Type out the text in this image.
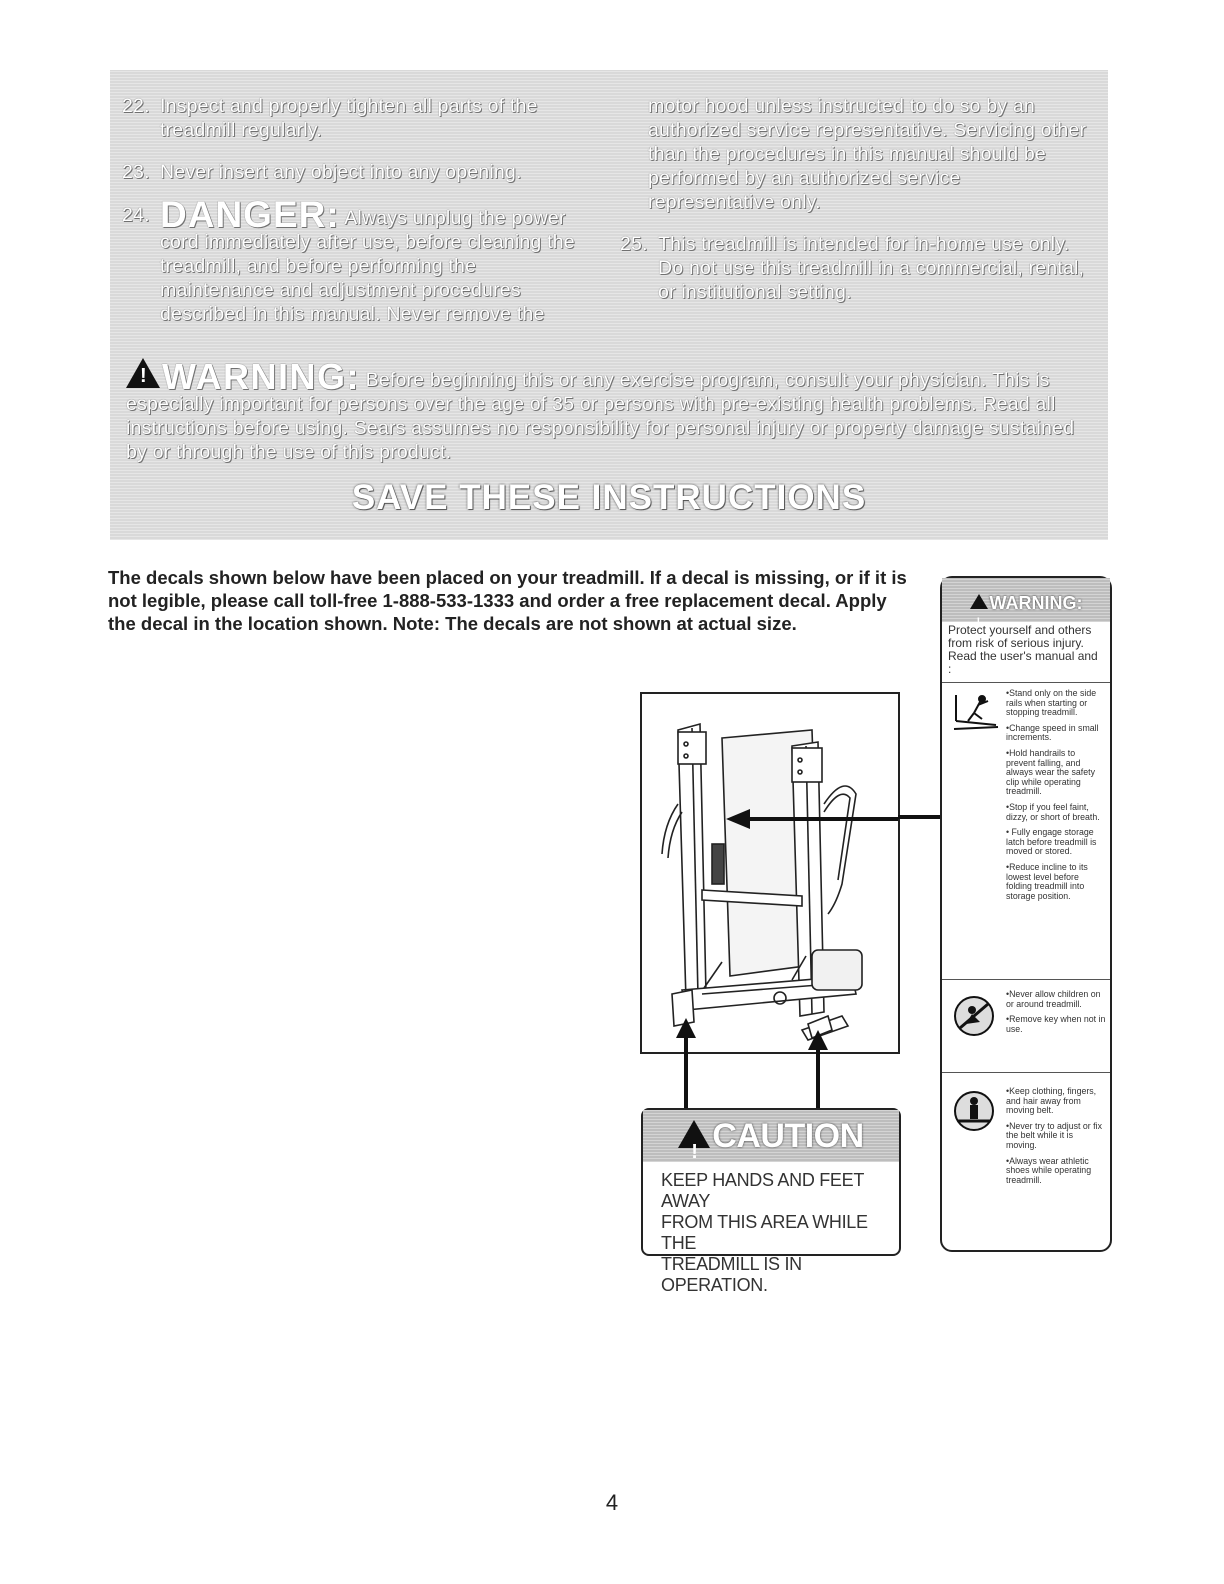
22. Inspect and properly tighten all parts of the treadmill regularly.
23. Never insert any object into any opening.
24. DANGER: Always unplug the power cord immediately after use, before cleaning the treadmill, and before performing the maintenance and adjustment procedures described in this manual. Never remove the
motor hood unless instructed to do so by an authorized service representative. Servicing other than the procedures in this manual should be performed by an authorized service representative only.
25. This treadmill is intended for in-home use only. Do not use this treadmill in a commercial, rental, or institutional setting.
!WARNING: Before beginning this or any exercise program, consult your physician. This is especially important for persons over the age of 35 or persons with pre-existing health problems. Read all instructions before using. Sears assumes no responsibility for personal injury or property damage sustained by or through the use of this product.
SAVE THESE INSTRUCTIONS
The decals shown below have been placed on your treadmill. If a decal is missing, or if it is not legible, please call toll-free 1-888-533-1333 and order a free replacement decal. Apply the decal in the location shown. Note: The decals are not shown at actual size.
!CAUTION
KEEP HANDS AND FEET AWAY
FROM THIS AREA WHILE THE
TREADMILL IS IN OPERATION.
!WARNING:
Protect yourself and others from risk of serious injury. Read the user's manual and :
•Stand only on the side rails when starting or stopping treadmill.
•Change speed in small increments.
•Hold handrails to prevent falling, and always wear the safety clip while operating treadmill.
•Stop if you feel faint, dizzy, or short of breath.
• Fully engage storage latch before treadmill is moved or stored.
•Reduce incline to its lowest level before folding treadmill into storage position.
•Never allow children on or around treadmill.
•Remove key when not in use.
•Keep clothing, fingers, and hair away from moving belt.
•Never try to adjust or fix the belt while it is moving.
•Always wear athletic shoes while operating treadmill.
4
